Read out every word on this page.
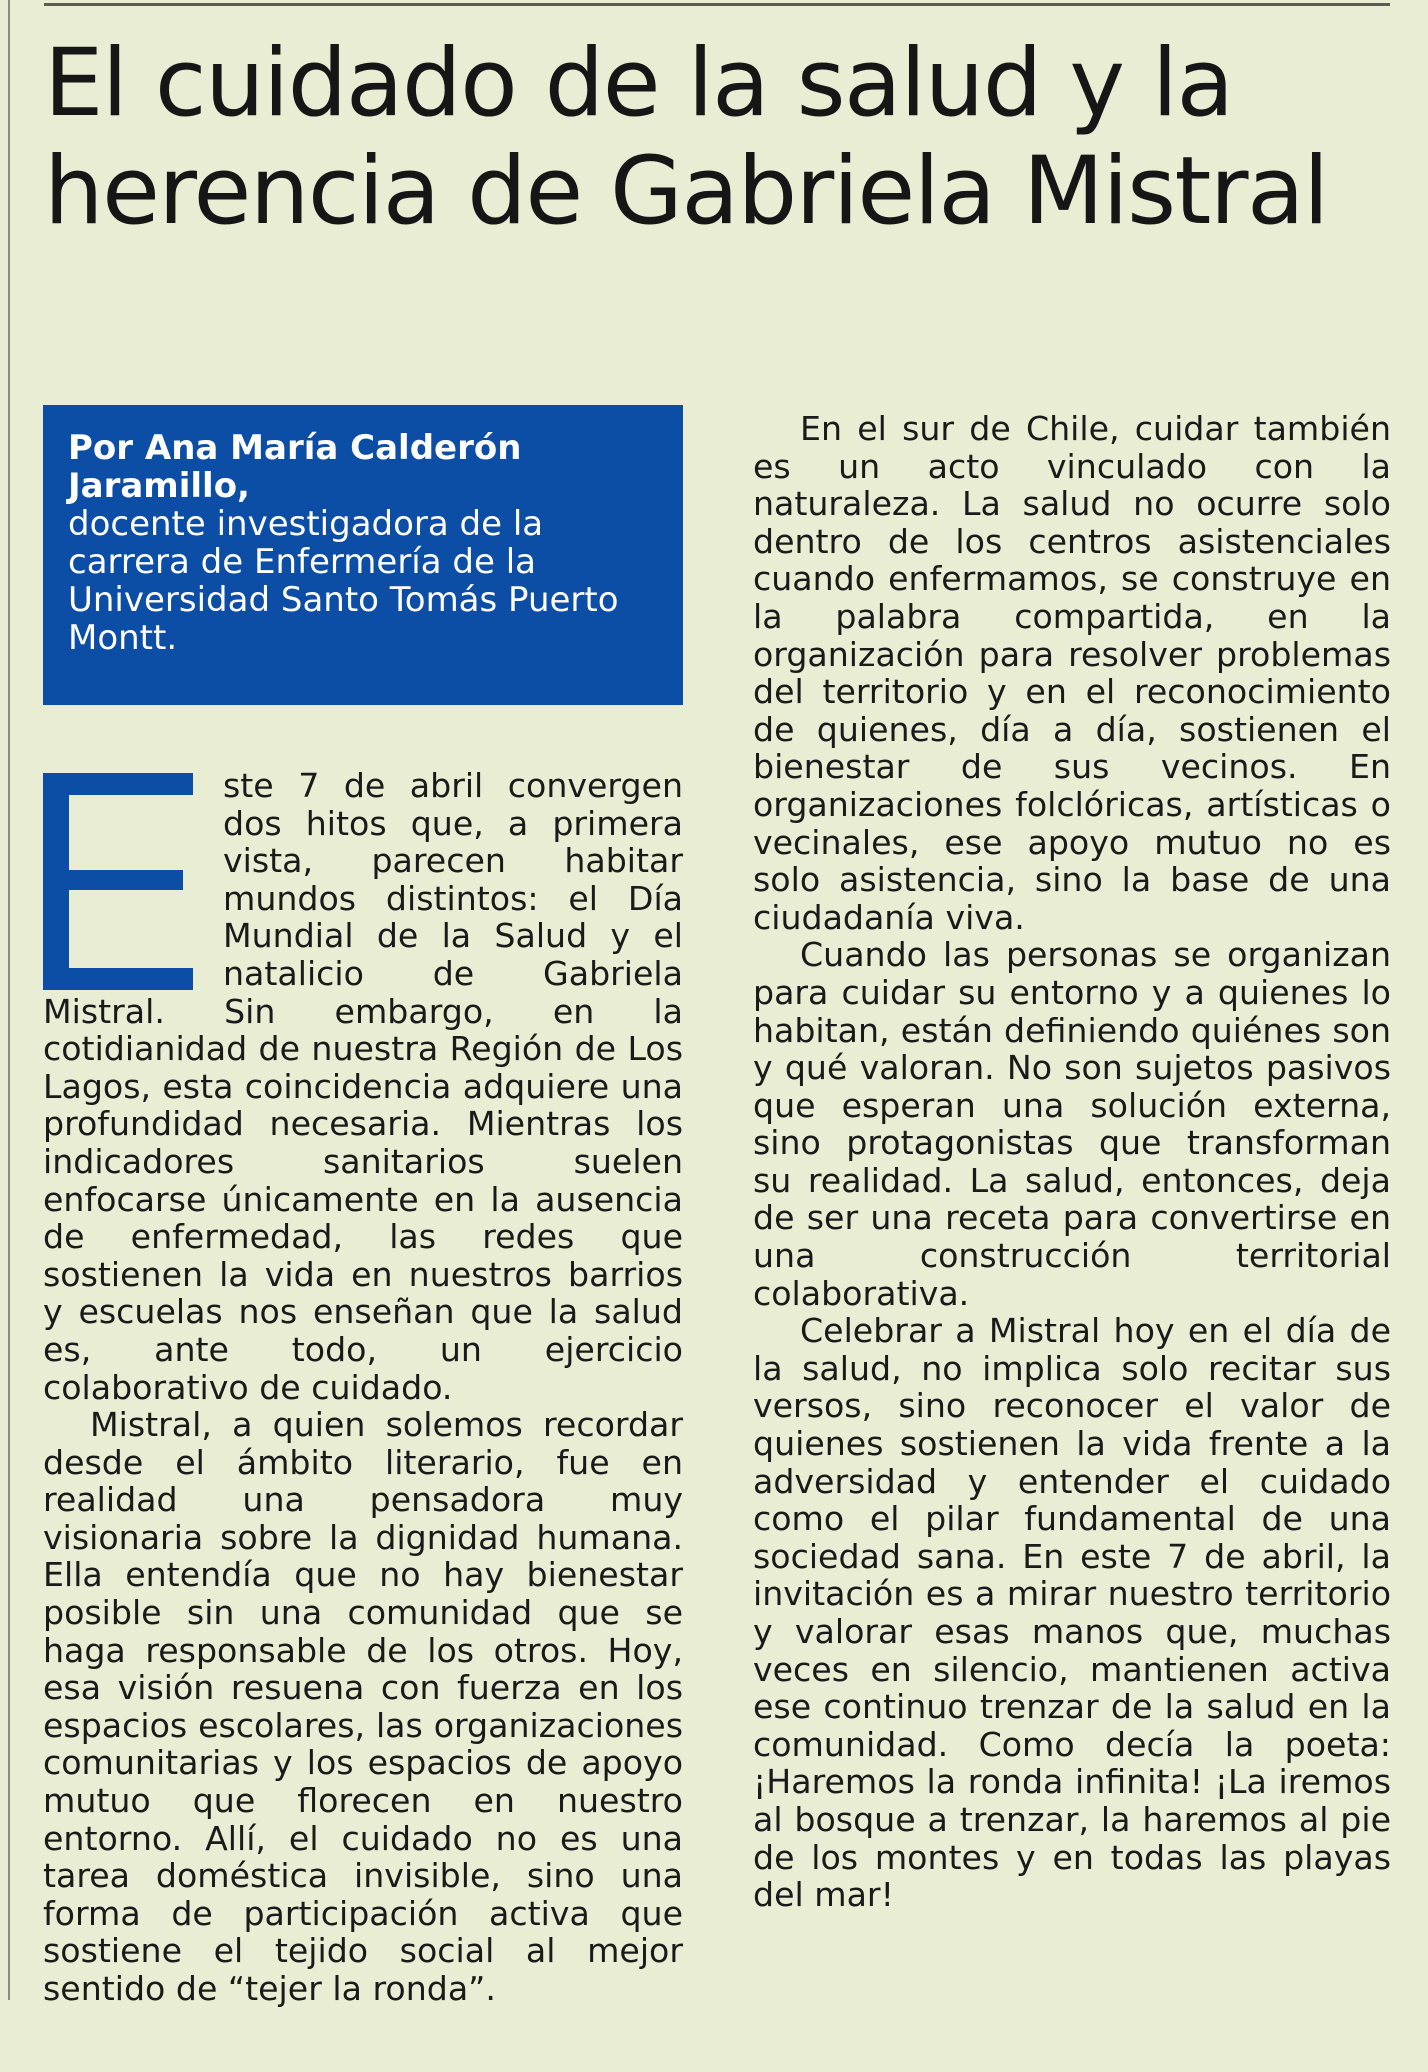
El cuidado de la salud y la herencia de Gabriela Mistral
Por Ana María Calderón Jaramillo,
docente investigadora de la carrera de Enfermería de la Universidad Santo Tomás Puerto Montt.

ste 7 de abril convergen dos hitos que, a primera vista, parecen habitar mundos distintos: el Día Mundial de la Salud y el natalicio de Gabriela Mistral. Sin embargo, en la cotidianidad de nuestra Región de Los Lagos, esta coincidencia adquiere una profundidad necesaria. Mientras los indicadores sanitarios suelen enfocarse únicamente en la ausencia de enfermedad, las redes que sostienen la vida en nuestros barrios y escuelas nos enseñan que la salud es, ante todo, un ejercicio colaborativo de cuidado.

Mistral, a quien solemos recordar desde el ámbito literario, fue en realidad una pensadora muy visionaria sobre la dignidad humana. Ella entendía que no hay bienestar posible sin una comunidad que se haga responsable de los otros. Hoy, esa visión resuena con fuerza en los espacios escolares, las organizaciones comunitarias y los espacios de apoyo mutuo que florecen en nuestro entorno. Allí, el cuidado no es una tarea doméstica invisible, sino una forma de participación activa que sostiene el tejido social al mejor sentido de “tejer la ronda”.

En el sur de Chile, cuidar también es un acto vinculado con la naturaleza. La salud no ocurre solo dentro de los centros asistenciales cuando enfermamos, se construye en la palabra compartida, en la organización para resolver problemas del territorio y en el reconocimiento de quienes, día a día, sostienen el bienestar de sus vecinos. En organizaciones folclóricas, artísticas o vecinales, ese apoyo mutuo no es solo asistencia, sino la base de una ciudadanía viva.

Cuando las personas se organizan para cuidar su entorno y a quienes lo habitan, están definiendo quiénes son y qué valoran. No son sujetos pasivos que esperan una solución externa, sino protagonistas que transforman su realidad. La salud, entonces, deja de ser una receta para convertirse en una construcción territorial colaborativa.

Celebrar a Mistral hoy en el día de la salud, no implica solo recitar sus versos, sino reconocer el valor de quienes sostienen la vida frente a la adversidad y entender el cuidado como el pilar fundamental de una sociedad sana. En este 7 de abril, la invitación es a mirar nuestro territorio y valorar esas manos que, muchas veces en silencio, mantienen activa ese continuo trenzar de la salud en la comunidad. Como decía la poeta: ¡Haremos la ronda infinita! ¡La iremos al bosque a trenzar, la haremos al pie de los montes y en todas las playas del mar!
